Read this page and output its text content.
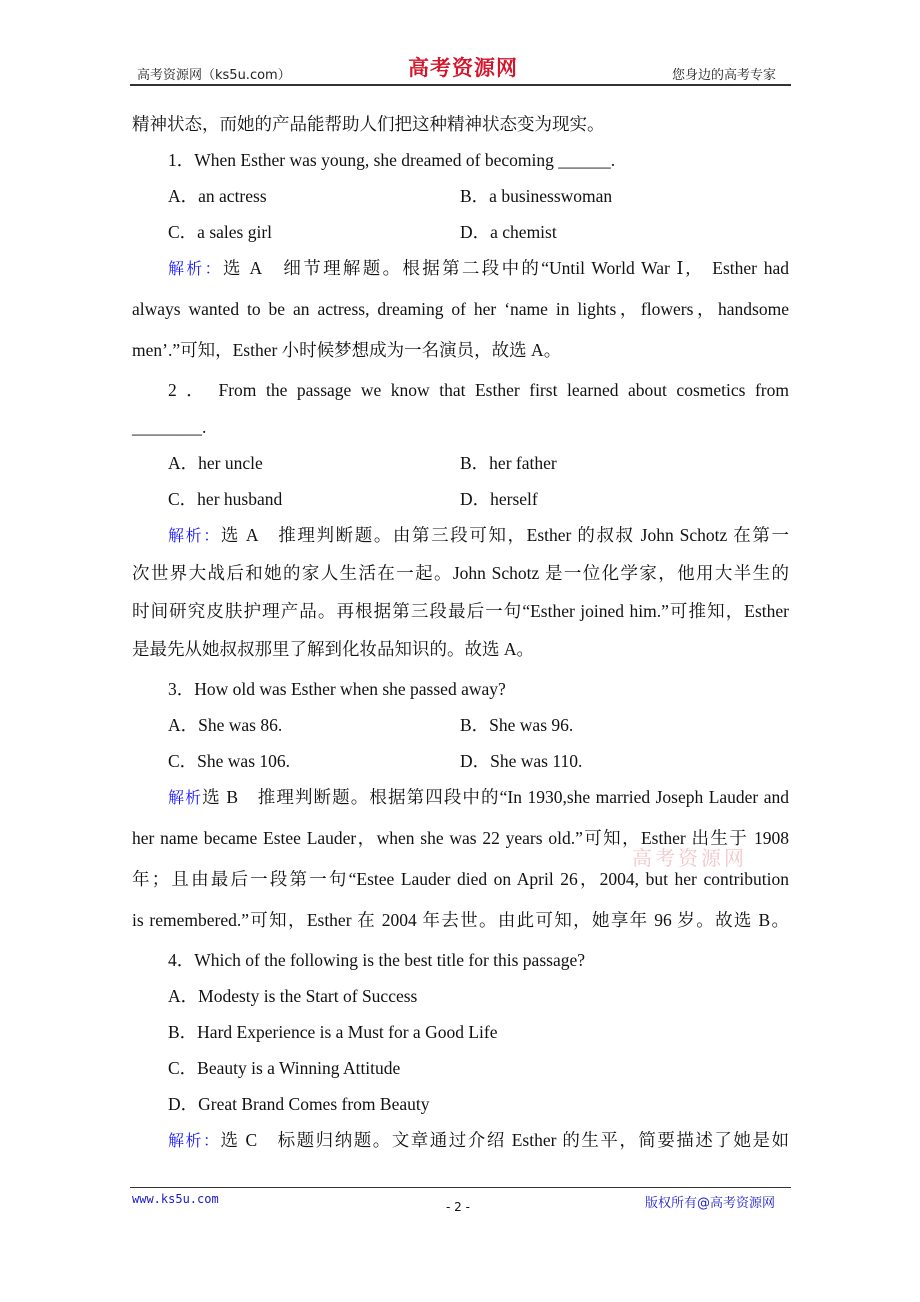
高考资源网（ks5u.com）	高考资源网	您身边的高考专家
高考资源网
精神状态，而她的产品能帮助人们把这种精神状态变为现实。
1．When Esther was young, she dreamed of becoming ______.
A．an actress	B．a businesswoman
C．a sales girl	D．a chemist
解析：选 A　细节理解题。根据第二段中的“Until World War Ⅰ,　Esther had
always wanted to be an actress, dreaming of her ‘name in lights，flowers，handsome
men’.”可知，Esther 小时候梦想成为一名演员，故选 A。
2 ． From the passage we know that Esther first learned about cosmetics from
________.
A．her uncle	B．her father
C．her husband	D．herself
解析：选 A　推理判断题。由第三段可知，Esther 的叔叔 John Schotz 在第一
次世界大战后和她的家人生活在一起。John Schotz 是一位化学家，他用大半生的
时间研究皮肤护理产品。再根据第三段最后一句“Esther joined him.”可推知，Esther
是最先从她叔叔那里了解到化妆品知识的。故选 A。
3．How old was Esther when she passed away?
A．She was 86.	B．She was 96.
C．She was 106.	D．She was 110.
解析选 B　推理判断题。根据第四段中的“In 1930,she married Joseph Lauder and
her name became Estee Lauder，when she was 22 years old.”可知，Esther 出生于 1908
年；且由最后一段第一句“Estee Lauder died on April 26，2004, but her contribution
is remembered.”可知，Esther 在 2004 年去世。由此可知，她享年 96 岁。故选 B。
4．Which of the following is the best title for this passage?
A．Modesty is the Start of Success
B．Hard Experience is a Must for a Good Life
C．Beauty is a Winning Attitude
D．Great Brand Comes from Beauty
解析：选 C　标题归纳题。文章通过介绍 Esther 的生平，简要描述了她是如
www.ks5u.com
- 2 -	版权所有@高考资源网
